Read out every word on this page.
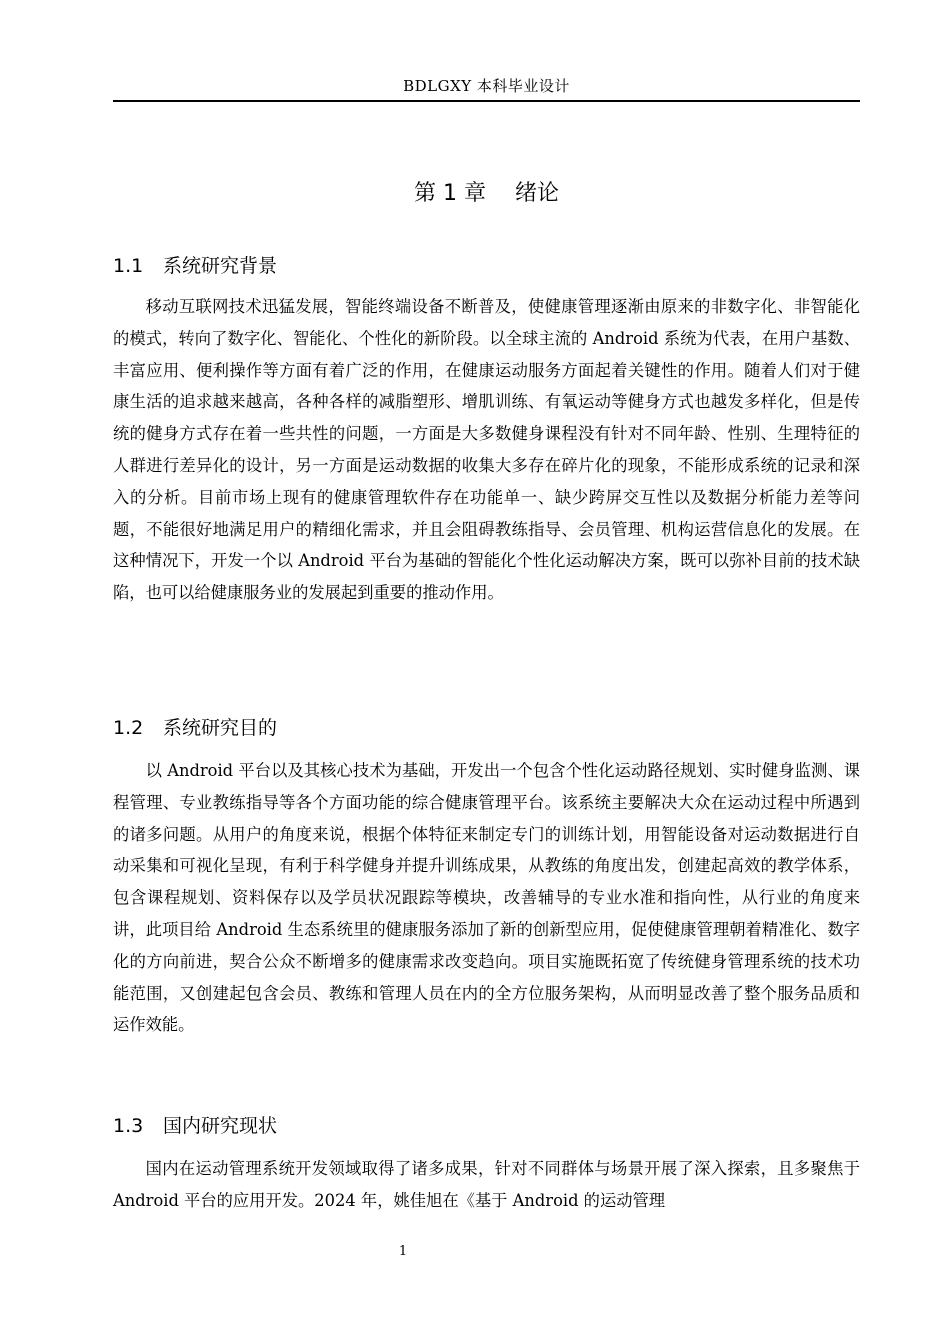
BDLGXY 本科毕业设计
第 1 章　 绪论
1.1 系统研究背景

移动互联网技术迅猛发展，智能终端设备不断普及，使健康管理逐渐由原来的非数字化、非智能化的模式，转向了数字化、智能化、个性化的新阶段。以全球主流的 Android 系统为代表，在用户基数、丰富应用、便利操作等方面有着广泛的作用，在健康运动服务方面起着关键性的作用。随着人们对于健康生活的追求越来越高，各种各样的减脂塑形、增肌训练、有氧运动等健身方式也越发多样化，但是传统的健身方式存在着一些共性的问题，一方面是大多数健身课程没有针对不同年龄、性别、生理特征的人群进行差异化的设计，另一方面是运动数据的收集大多存在碎片化的现象，不能形成系统的记录和深入的分析。目前市场上现有的健康管理软件存在功能单一、缺少跨屏交互性以及数据分析能力差等问题，不能很好地满足用户的精细化需求，并且会阻碍教练指导、会员管理、机构运营信息化的发展。在这种情况下，开发一个以 Android 平台为基础的智能化个性化运动解决方案，既可以弥补目前的技术缺陷，也可以给健康服务业的发展起到重要的推动作用。

1.2 系统研究目的

以 Android 平台以及其核心技术为基础，开发出一个包含个性化运动路径规划、实时健身监测、课程管理、专业教练指导等各个方面功能的综合健康管理平台。该系统主要解决大众在运动过程中所遇到的诸多问题。从用户的角度来说，根据个体特征来制定专门的训练计划，用智能设备对运动数据进行自动采集和可视化呈现，有利于科学健身并提升训练成果，从教练的角度出发，创建起高效的教学体系，包含课程规划、资料保存以及学员状况跟踪等模块，改善辅导的专业水准和指向性，从行业的角度来讲，此项目给 Android 生态系统里的健康服务添加了新的创新型应用，促使健康管理朝着精准化、数字化的方向前进，契合公众不断增多的健康需求改变趋向。项目实施既拓宽了传统健身管理系统的技术功能范围，又创建起包含会员、教练和管理人员在内的全方位服务架构，从而明显改善了整个服务品质和运作效能。

1.3 国内研究现状

国内在运动管理系统开发领域取得了诸多成果，针对不同群体与场景开展了深入探索，且多聚焦于 Android 平台的应用开发。2024 年，姚佳旭在《基于 Android 的运动管理

1
